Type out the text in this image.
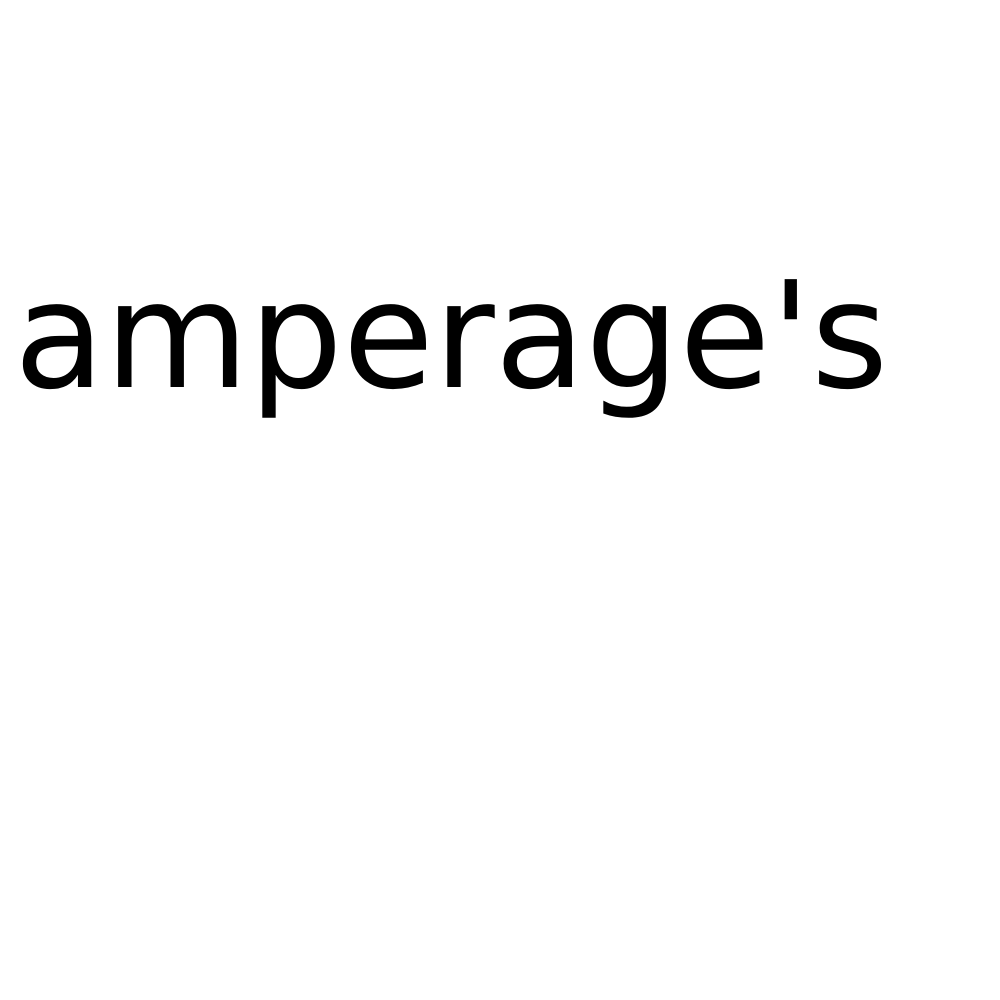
amperage's
